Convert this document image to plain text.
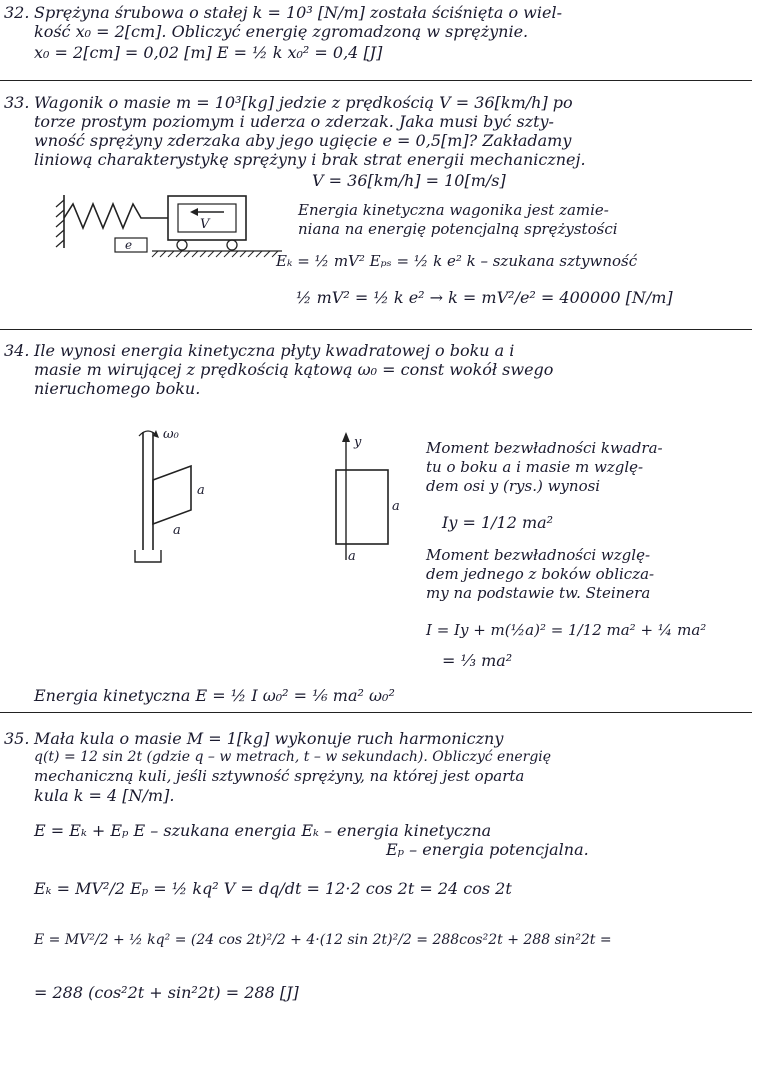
32. Sprężyna śrubowa o stałej k = 10³ [N/m] została ściśnięta o wiel-
kość x₀ = 2[cm]. Obliczyć energię zgromadzoną w sprężynie.
x₀ = 2[cm] = 0,02 [m] E = ½ k x₀² = 0,4 [J]
33. Wagonik o masie m = 10³[kg] jedzie z prędkością V = 36[km/h] po
torze prostym poziomym i uderza o zderzak. Jaka musi być szty-
wność sprężyny zderzaka aby jego ugięcie e = 0,5[m]? Zakładamy
liniową charakterystykę sprężyny i brak strat energii mechanicznej.
V = 36[km/h] = 10[m/s]
e
V
Energia kinetyczna wagonika jest zamie-
niana na energię potencjalną sprężystości
Eₖ = ½ mV² Eₚₛ = ½ k e² k – szukana sztywność
½ mV² = ½ k e² → k = mV²/e² = 400000 [N/m]
34. Ile wynosi energia kinetyczna płyty kwadratowej o boku a i
masie m wirującej z prędkością kątową ω₀ = const wokół swego
nieruchomego boku.
ω₀
a
a
y
a
a
Moment bezwładności kwadra-
tu o boku a i masie m wzglę-
dem osi y (rys.) wynosi
Iy = 1/12 ma²
Moment bezwładności wzglę-
dem jednego z boków oblicza-
my na podstawie tw. Steinera
I = Iy + m(½a)² = 1/12 ma² + ¼ ma²
= ⅓ ma²
Energia kinetyczna E = ½ I ω₀² = ⅙ ma² ω₀²
35. Mała kula o masie M = 1[kg] wykonuje ruch harmoniczny
q(t) = 12 sin 2t (gdzie q – w metrach, t – w sekundach). Obliczyć energię
mechaniczną kuli, jeśli sztywność sprężyny, na której jest oparta
kula k = 4 [N/m].
E = Eₖ + Eₚ E – szukana energia Eₖ – energia kinetyczna
Eₚ – energia potencjalna.
Eₖ = MV²/2 Eₚ = ½ kq² V = dq/dt = 12·2 cos 2t = 24 cos 2t
E = MV²/2 + ½ kq² = (24 cos 2t)²/2 + 4·(12 sin 2t)²/2 = 288cos²2t + 288 sin²2t =
= 288 (cos²2t + sin²2t) = 288 [J]
